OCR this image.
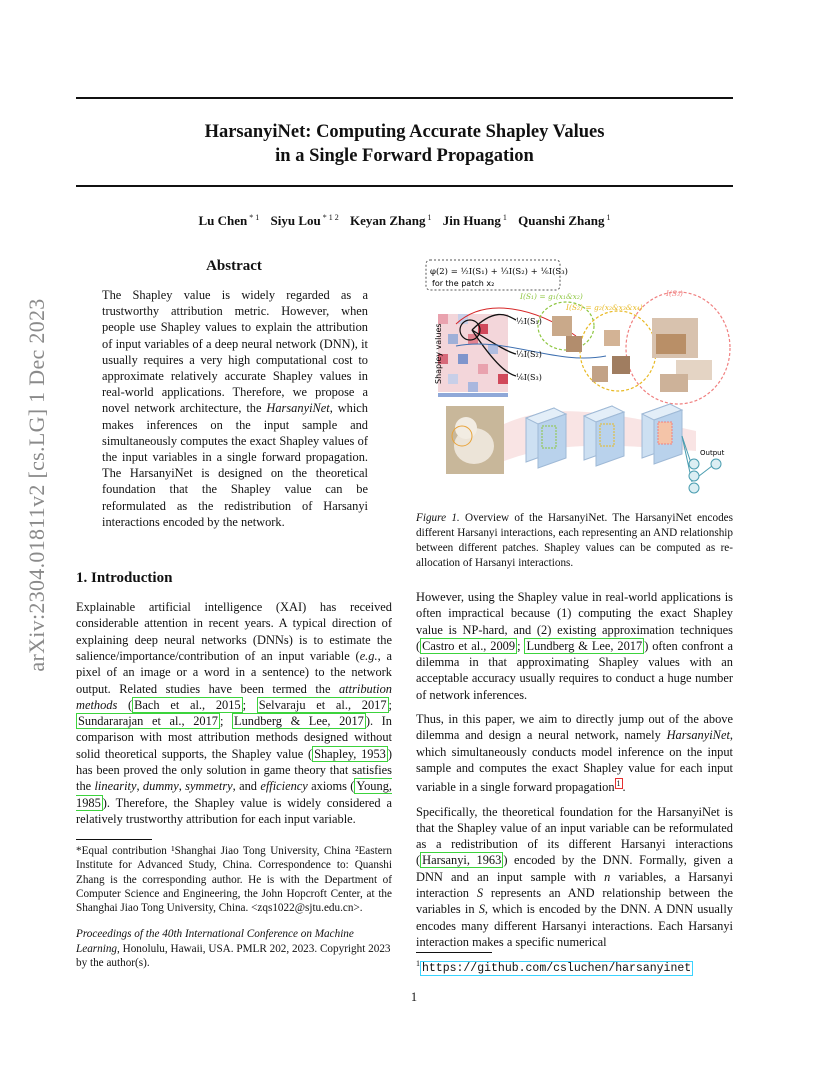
HarsanyiNet: Computing Accurate Shapley Values
in a Single Forward Propagation
Lu Chen $^{* 1}$ Siyu Lou $^{* 1 2}$ Keyan Zhang $^1$ Jin Huang $^1$ Quanshi Zhang $^1$
arXiv:2304.01811v2 [cs.LG] 1 Dec 2023
Abstract
The Shapley value is widely regarded as a trustworthy attribution metric. However, when people use Shapley values to explain the attribution of input variables of a deep neural network (DNN), it usually requires a very high computational cost to approximate relatively accurate Shapley values in real-world applications. Therefore, we propose a novel network architecture, the HarsanyiNet, which makes inferences on the input sample and simultaneously computes the exact Shapley values of the input variables in a single forward propagation. The HarsanyiNet is designed on the theoretical foundation that the Shapley value can be reformulated as the redistribution of Harsanyi interactions encoded by the network.
1. Introduction
Explainable artificial intelligence (XAI) has received considerable attention in recent years. A typical direction of explaining deep neural networks (DNNs) is to estimate the salience/importance/contribution of an input variable (e.g., a pixel of an image or a word in a sentence) to the network output. Related studies have been termed the attribution methods ( Bach et al., 2015 ; Selvaraju et al., 2017 ; Sundararajan et al., 2017 ; Lundberg & Lee, 2017 ). In comparison with most attribution methods designed without solid theoretical supports, the Shapley value ( Shapley, 1953 ) has been proved the only solution in game theory that satisfies the linearity, dummy, symmetry, and efficiency axioms ( Young, 1985 ). Therefore, the Shapley value is widely considered a relatively trustworthy attribution for each input variable.
*Equal contribution ¹Shanghai Jiao Tong University, China ²Eastern Institute for Advanced Study, China. Correspondence to: Quanshi Zhang is the corresponding author. He is with the Department of Computer Science and Engineering, the John Hopcroft Center, at the Shanghai Jiao Tong University, China. <zqs1022@sjtu.edu.cn>.
Proceedings of the 40th International Conference on Machine Learning, Honolulu, Hawaii, USA. PMLR 202, 2023. Copyright 2023 by the author(s).
φ(2) = ½I(S₁) + ⅓I(S₂) + ⅙I(S₃)
for the patch x₂
Shapley values
½I(S₁)
⅓I(S₂)
⅙I(S₃)
I(S₁) = g₁(x₁&x₂)
I(S₂) = g₂(x₂&x₃&x₄)
I(S₃)
Output
Figure 1. Overview of the HarsanyiNet. The HarsanyiNet encodes different Harsanyi interactions, each representing an AND relationship between different patches. Shapley values can be computed as re-allocation of Harsanyi interactions.
However, using the Shapley value in real-world applications is often impractical because (1) computing the exact Shapley value is NP-hard, and (2) existing approximation techniques ( Castro et al., 2009 ; Lundberg & Lee, 2017 ) often confront a dilemma in that approximating Shapley values with an acceptable accuracy usually requires to conduct a huge number of network inferences.
Thus, in this paper, we aim to directly jump out of the above dilemma and design a neural network, namely HarsanyiNet, which simultaneously conducts model inference on the input sample and computes the exact Shapley value for each input variable in a single forward propagation $^1$ .
Specifically, the theoretical foundation for the HarsanyiNet is that the Shapley value of an input variable can be reformulated as a redistribution of its different Harsanyi interactions ( Harsanyi, 1963 ) encoded by the DNN. Formally, given a DNN and an input sample with n variables, a Harsanyi interaction S represents an AND relationship between the variables in S, which is encoded by the DNN. A DNN usually encodes many different Harsanyi interactions. Each Harsanyi interaction makes a specific numerical
$^1$ https://github.com/csluchen/harsanyinet
1
